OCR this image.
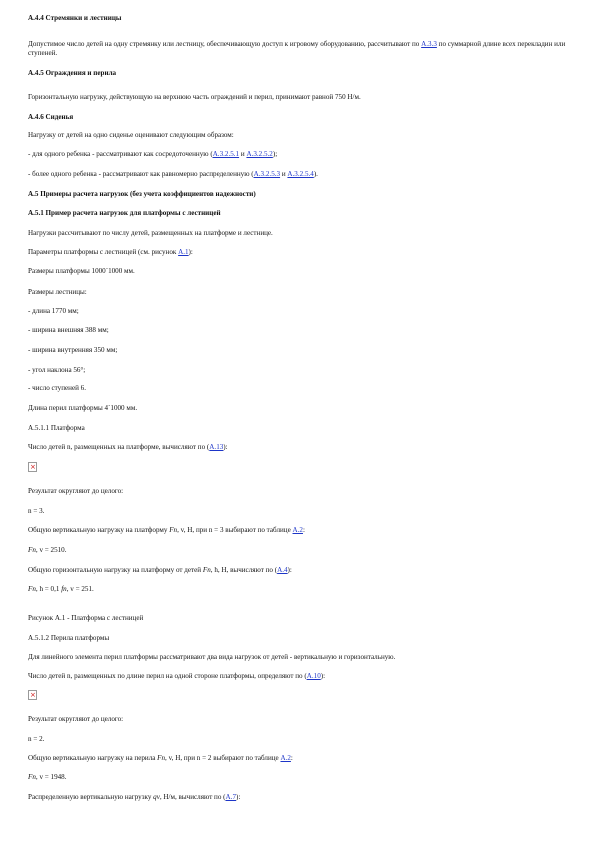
А.4.4 Стремянки и лестницы
Допустимое число детей на одну стремянку или лестницу, обеспечивающую доступ к игровому оборудованию, рассчитывают по А.3.3 по суммарной длине всех перекладин или ступеней.
А.4.5 Ограждения и перила
Горизонтальную нагрузку, действующую на верхнюю часть ограждений и перил, принимают равной 750 Н/м.
А.4.6 Сиденья
Нагрузку от детей на одно сиденье оценивают следующим образом:
- для одного ребенка - рассматривают как сосредоточенную (А.3.2.5.1 и А.3.2.5.2);
- более одного ребенка - рассматривают как равномерно распределенную (А.3.2.5.3 и А.3.2.5.4).
А.5 Примеры расчета нагрузок (без учета коэффициентов надежности)
А.5.1 Пример расчета нагрузок для платформы с лестницей
Нагрузки рассчитывают по числу детей, размещенных на платформе и лестнице.
Параметры платформы с лестницей (см. рисунок А.1):
Размеры платформы 1000´1000 мм.
Размеры лестницы:
- длина 1770 мм;
- ширина внешняя 388 мм;
- ширина внутренняя 350 мм;
- угол наклона 56°;
- число ступеней 6.
Длина перил платформы 4´1000 мм.
А.5.1.1 Платформа
Число детей n, размещенных на платформе, вычисляют по (А.13):
×
Результат округляют до целого:
n = 3.
Общую вертикальную нагрузку на платформу Fn, v, Н, при n = 3 выбирают по таблице А.2:
Fn, v = 2510.
Общую горизонтальную нагрузку на платформу от детей Fn, h, Н, вычисляют по (А.4):
Fn, h = 0,1 fn, v = 251.
Рисунок А.1 - Платформа с лестницей
А.5.1.2 Перила платформы
Для линейного элемента перил платформы рассматривают два вида нагрузок от детей - вертикальную и горизонтальную.
Число детей n, размещенных по длине перил на одной стороне платформы, определяют по (А.10):
×
Результат округляют до целого:
n = 2.
Общую вертикальную нагрузку на перила Fn, v, Н, при n = 2 выбирают по таблице А.2:
Fn, v = 1948.
Распределенную вертикальную нагрузку qv, Н/м, вычисляют по (А.7):
